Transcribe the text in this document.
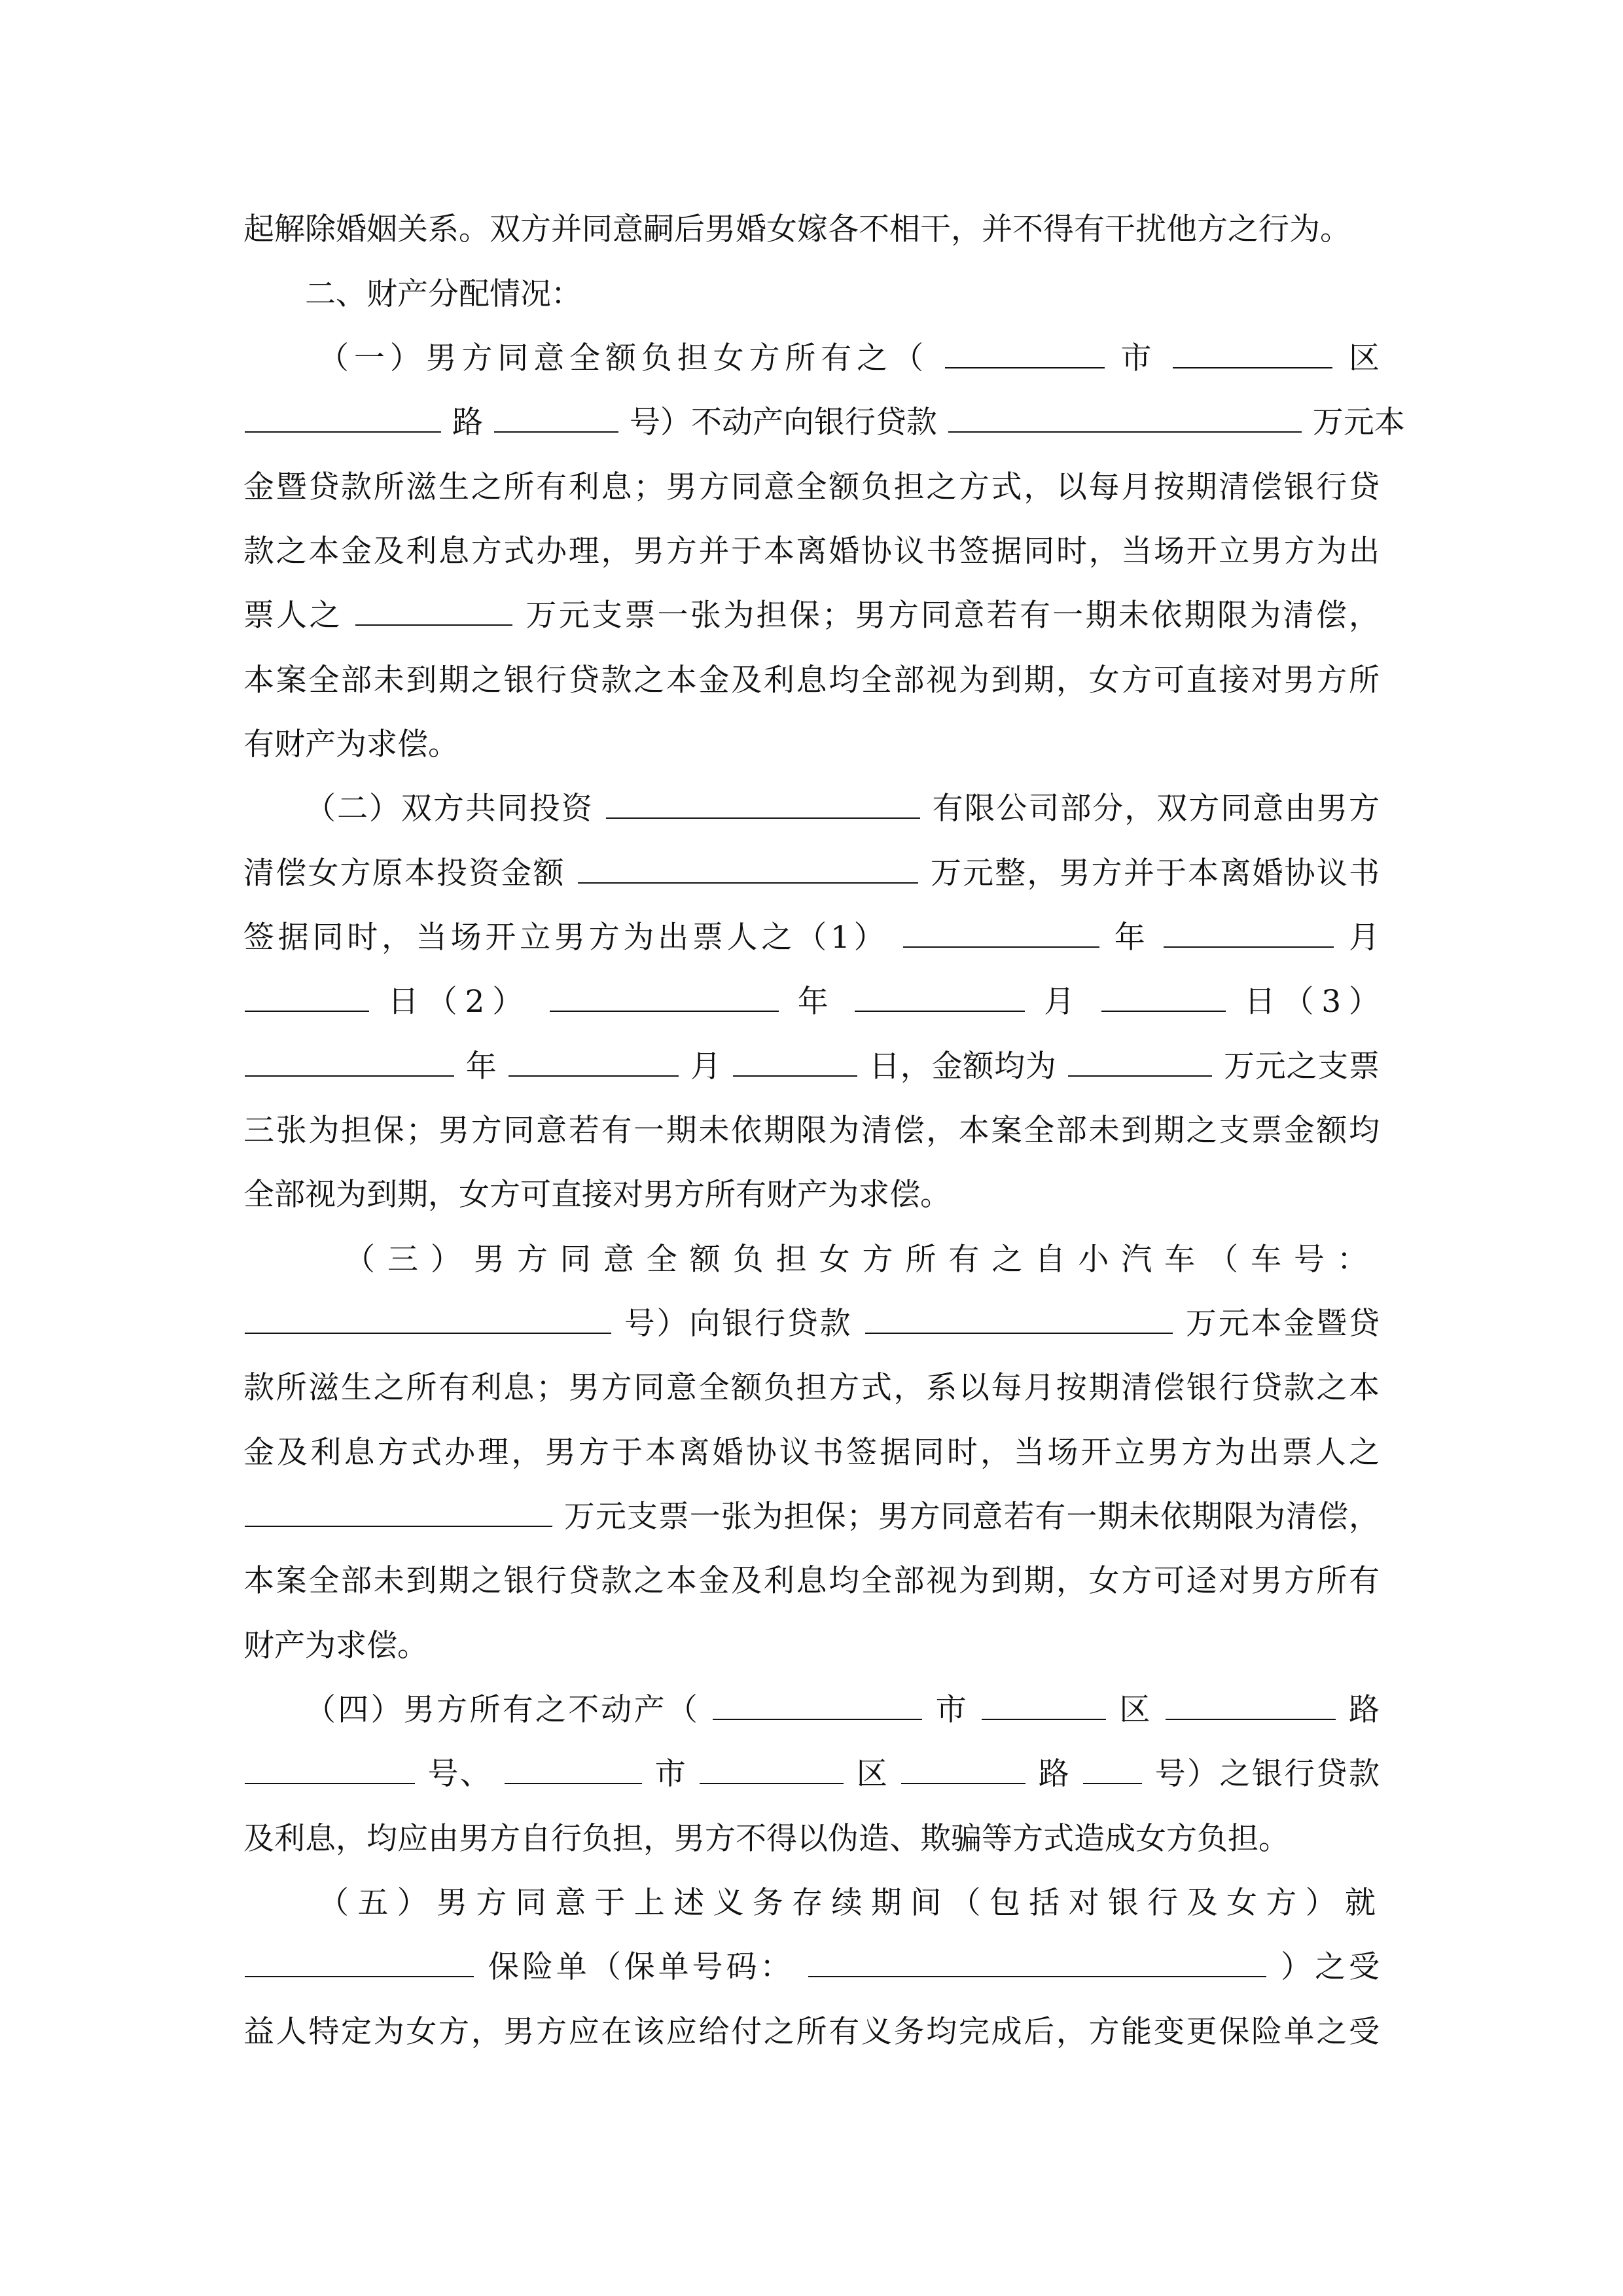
起解除婚姻关系。双方并同意嗣后男婚女嫁各不相干，并不得有干扰他方之行为。
二、财产分配情况：
（一）男方同意全额负担女方所有之（	市	区
路	号）不动产向银行贷款	万元本
金暨贷款所滋生之所有利息；男方同意全额负担之方式，以每月按期清偿银行贷
款之本金及利息方式办理，男方并于本离婚协议书签据同时，当场开立男方为出
票人之	万元支票一张为担保；男方同意若有一期未依期限为清偿，
本案全部未到期之银行贷款之本金及利息均全部视为到期，女方可直接对男方所
有财产为求偿。
（二）双方共同投资	有限公司部分，双方同意由男方
清偿女方原本投资金额	万元整，男方并于本离婚协议书
签据同时，当场开立男方为出票人之（1）	年	月
日（2）	年	月	日（3）
年	月	日，金额均为	万元之支票
三张为担保；男方同意若有一期未依期限为清偿，本案全部未到期之支票金额均
全部视为到期，女方可直接对男方所有财产为求偿。
（三）男方同意全额负担女方所有之自小汽车（车号：
号）向银行贷款	万元本金暨贷
款所滋生之所有利息；男方同意全额负担方式，系以每月按期清偿银行贷款之本
金及利息方式办理，男方于本离婚协议书签据同时，当场开立男方为出票人之
万元支票一张为担保；男方同意若有一期未依期限为清偿，
本案全部未到期之银行贷款之本金及利息均全部视为到期，女方可迳对男方所有
财产为求偿。
（四）男方所有之不动产（	市	区	路
号、	市	区	路	号）之银行贷款
及利息，均应由男方自行负担，男方不得以伪造、欺骗等方式造成女方负担。
（五）男方同意于上述义务存续期间（包括对银行及女方）就
保险单（保单号码：	）之受
益人特定为女方，男方应在该应给付之所有义务均完成后，方能变更保险单之受
